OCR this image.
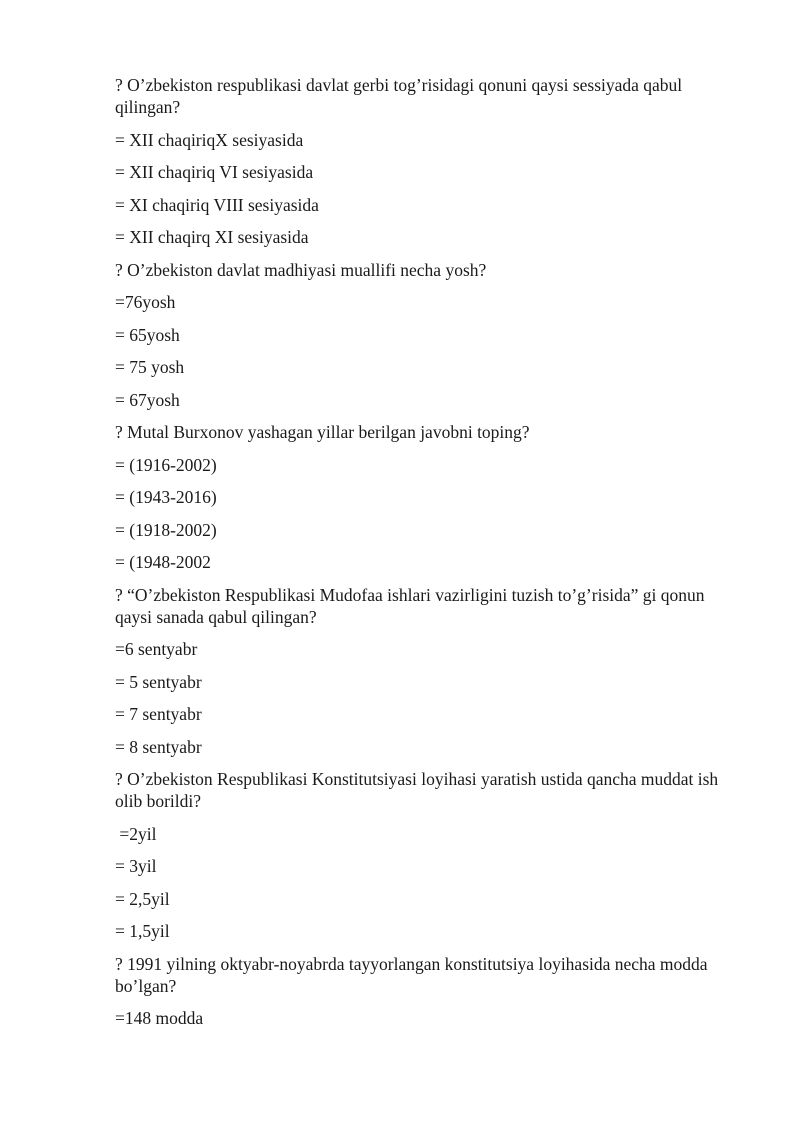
? O’zbekiston respublikasi davlat gerbi tog’risidagi qonuni qaysi sessiyada qabul qilingan?

= XII chaqiriqX sesiyasida

= XII chaqiriq VI sesiyasida

= XI chaqiriq VIII sesiyasida

= XII chaqirq XI sesiyasida

? O’zbekiston davlat madhiyasi muallifi necha yosh?

=76yosh

= 65yosh

= 75 yosh

= 67yosh

? Mutal Burxonov yashagan yillar berilgan javobni toping?

= (1916-2002)

= (1943-2016)

= (1918-2002)

= (1948-2002

? “O’zbekiston Respublikasi Mudofaa ishlari vazirligini tuzish to’g’risida” gi qonun qaysi sanada qabul qilingan?

=6 sentyabr

= 5 sentyabr

= 7 sentyabr

= 8 sentyabr

? O’zbekiston Respublikasi Konstitutsiyasi loyihasi yaratish ustida qancha muddat ish olib borildi?

=2yil

= 3yil

= 2,5yil

= 1,5yil

? 1991 yilning oktyabr-noyabrda tayyorlangan konstitutsiya loyihasida necha modda bo’lgan?

=148 modda
